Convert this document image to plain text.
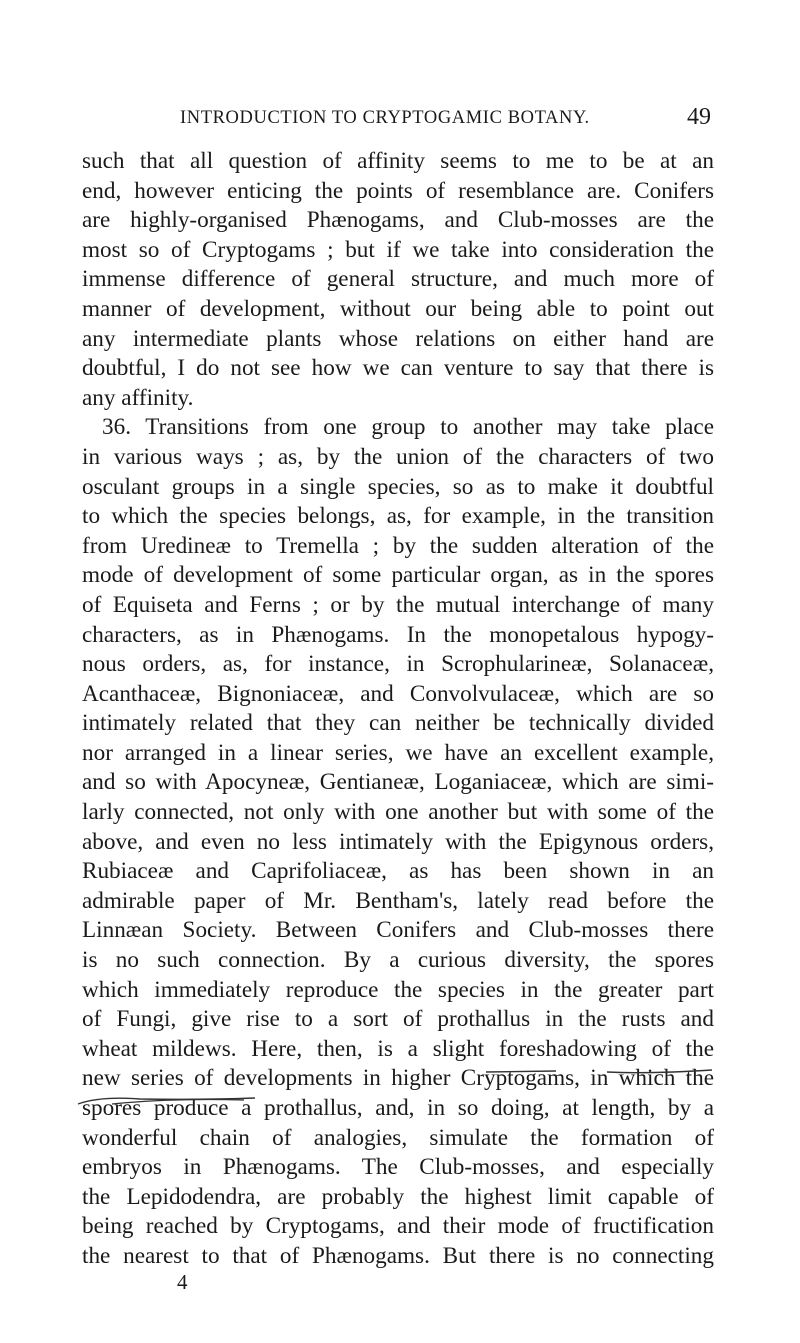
INTRODUCTION TO CRYPTOGAMIC BOTANY.	49
such that all question of affinity seems to me to be at an
end, however enticing the points of resemblance are. Conifers
are highly-organised Phænogams, and Club-mosses are the
most so of Cryptogams ; but if we take into consideration the
immense difference of general structure, and much more of
manner of development, without our being able to point out
any intermediate plants whose relations on either hand are
doubtful, I do not see how we can venture to say that there is
any affinity.
36. Transitions from one group to another may take place
in various ways ; as, by the union of the characters of two
osculant groups in a single species, so as to make it doubtful
to which the species belongs, as, for example, in the transition
from Uredineæ to Tremella ; by the sudden alteration of the
mode of development of some particular organ, as in the spores
of Equiseta and Ferns ; or by the mutual interchange of many
characters, as in Phænogams. In the monopetalous hypogy-
nous orders, as, for instance, in Scrophularineæ, Solanaceæ,
Acanthaceæ, Bignoniaceæ, and Convolvulaceæ, which are so
intimately related that they can neither be technically divided
nor arranged in a linear series, we have an excellent example,
and so with Apocyneæ, Gentianeæ, Loganiaceæ, which are simi-
larly connected, not only with one another but with some of the
above, and even no less intimately with the Epigynous orders,
Rubiaceæ and Caprifoliaceæ, as has been shown in an
admirable paper of Mr. Bentham's, lately read before the
Linnæan Society. Between Conifers and Club-mosses there
is no such connection. By a curious diversity, the spores
which immediately reproduce the species in the greater part
of Fungi, give rise to a sort of prothallus in the rusts and
wheat mildews. Here, then, is a slight foreshadowing of the
new series of developments in higher Cryptogams, in which the
spores produce a prothallus, and, in so doing, at length, by a
wonderful chain of analogies, simulate the formation of
embryos in Phænogams. The Club-mosses, and especially
the Lepidodendra, are probably the highest limit capable of
being reached by Cryptogams, and their mode of fructification
the nearest to that of Phænogams. But there is no connecting
4
